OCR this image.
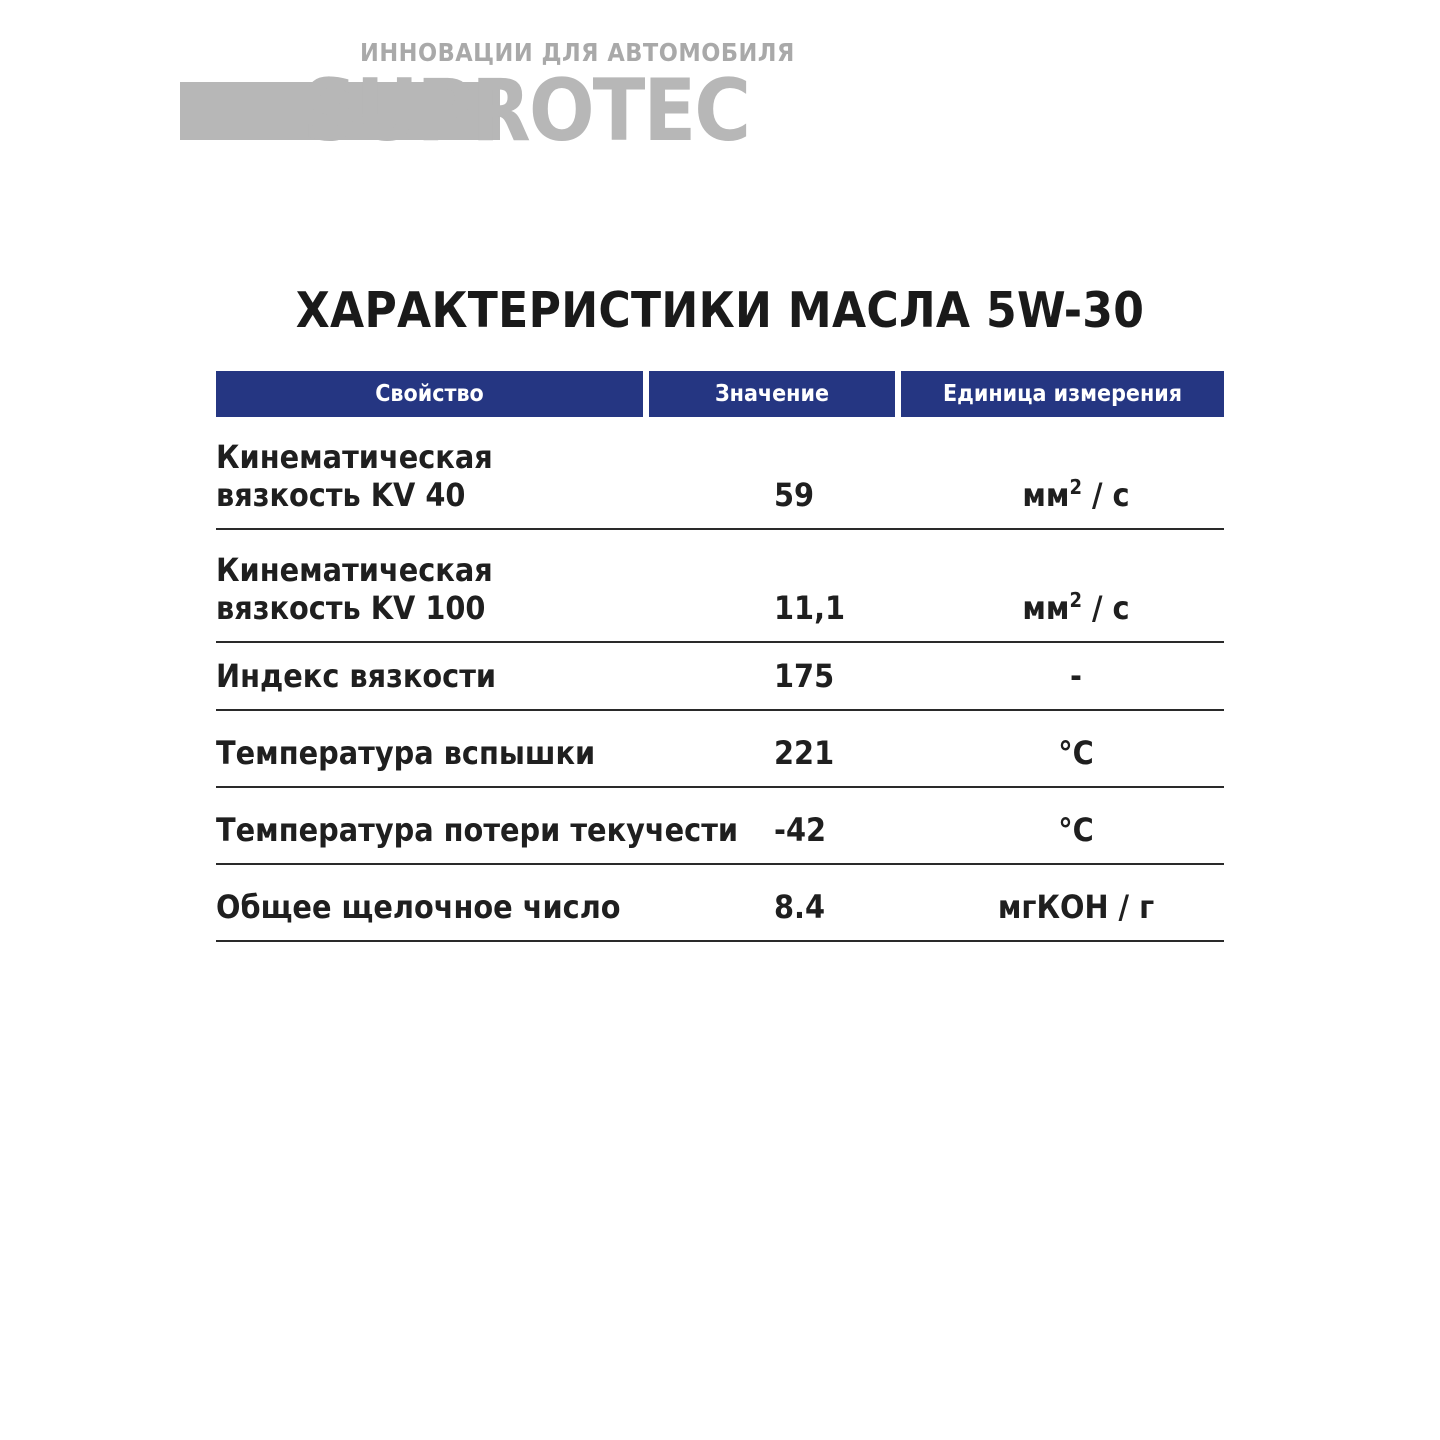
ИННОВАЦИИ ДЛЯ АВТОМОБИЛЯ
SUPROTEC
ХАРАКТЕРИСТИКИ МАСЛА 5W-30
Свойство	Значение	Единица измерения
Кинематическая
вязкость KV 40	59	$мм^2$ / с
Кинематическая
вязкость KV 100	11,1	$мм^2$ / с
Индекс вязкости	175	-
Температура вспышки	221	°С
Температура потери текучести -42	°С
Общее щелочное число	8.4	мгКОН / г
